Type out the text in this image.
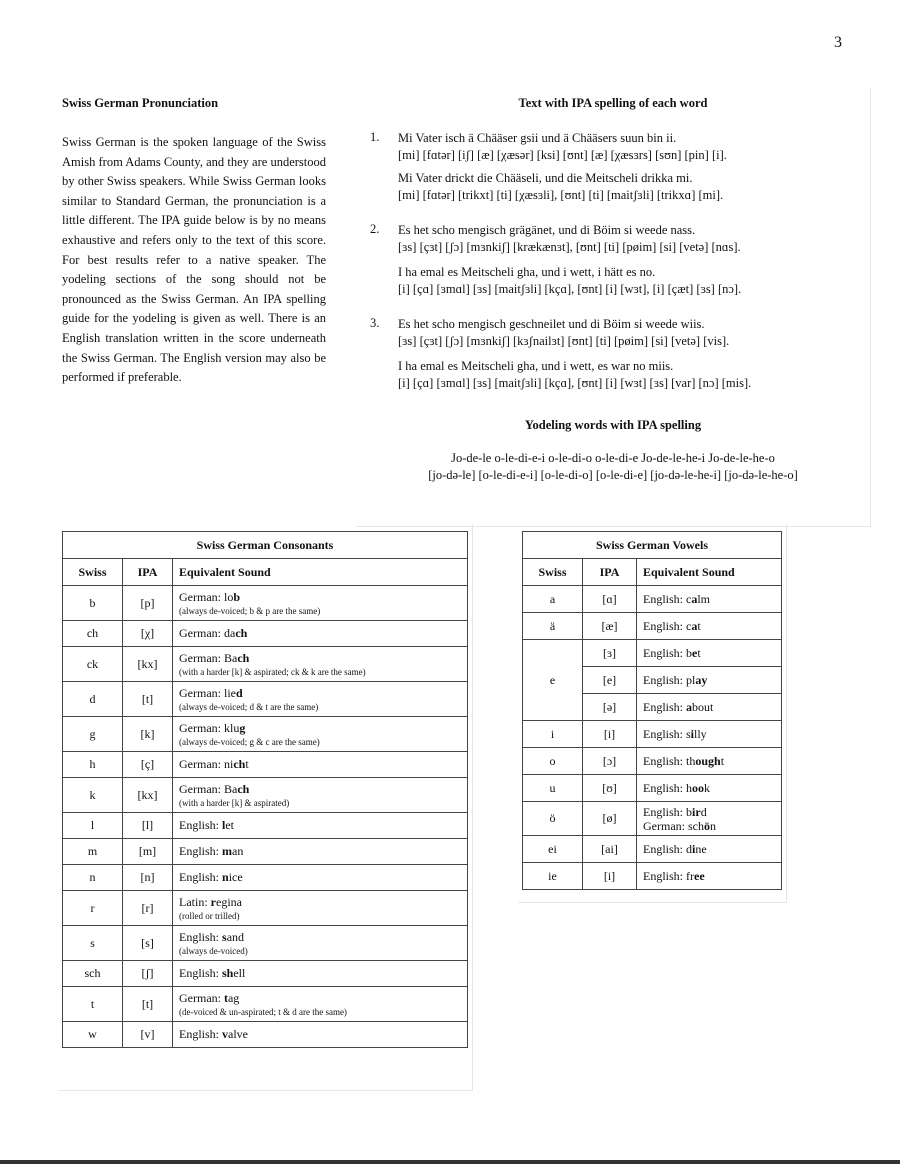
3

Swiss German Pronunciation

Swiss German is the spoken language of the Swiss Amish from Adams County, and they are understood by other Swiss speakers. While Swiss German looks similar to Standard German, the pronunciation is a little different. The IPA guide below is by no means exhaustive and refers only to the text of this score. For best results refer to a native speaker. The yodeling sections of the song should not be pronounced as the Swiss German. An IPA spelling guide for the yodeling is given as well. There is an English translation written in the score underneath the Swiss German. The English version may also be performed if preferable.

Text with IPA spelling of each word
1. Mi Vater isch ä Chääser gsii und ä Chääsers suun bin ii.
[mi] [fɑtər] [iʃ] [æ] [χæsər] [ksi] [ʊnt] [æ] [χæsɜrs] [sʊn] [pin] [i].
Mi Vater drickt die Chääseli, und die Meitscheli drikka mi.
[mi] [fɑtər] [trikxt] [ti] [χæsɜli], [ʊnt] [ti] [maitʃɜli] [trikxɑ] [mi].
2. Es het scho mengisch grägänet, und di Böim si weede nass.
[ɜs] [çɜt] [ʃɔ] [mɜnkiʃ] [krækænɜt], [ʊnt] [ti] [pøim] [si] [vetə] [nɑs].
I ha emal es Meitscheli gha, und i wett, i hätt es no.
[i] [çɑ] [ɜmɑl] [ɜs] [maitʃɜli] [kçɑ], [ʊnt] [i] [wɜt], [i] [çæt] [ɜs] [nɔ].
3. Es het scho mengisch geschneilet und di Böim si weede wiis.
[ɜs] [çɜt] [ʃɔ] [mɜnkiʃ] [kɜʃnailɜt] [ʊnt] [ti] [pøim] [si] [vetə] [vis].
I ha emal es Meitscheli gha, und i wett, es war no miis.
[i] [çɑ] [ɜmɑl] [ɜs] [maitʃɜli] [kçɑ], [ʊnt] [i] [wɜt] [ɜs] [var] [nɔ] [mis].
Yodeling words with IPA spelling
Jo-de-le o-le-di-e-i o-le-di-o o-le-di-e Jo-de-le-he-i Jo-de-le-he-o
[jo-də-le] [o-le-di-e-i] [o-le-di-o] [o-le-di-e] [jo-də-le-he-i] [jo-də-le-he-o]
Swiss German Consonants		
Swiss	IPA	Equivalent Sound
b	[p]	German: lob
(always de-voiced; b & p are the same)

ch	[χ]	German: dach
ck	[kx]	German: Bach
(with a harder [k] & aspirated; ck & k are the same)

d	[t]	German: lied
(always de-voiced; d & t are the same)

g	[k]	German: klug
(always de-voiced; g & c are the same)

h	[ç]	German: nicht
k	[kx]	German: Bach
(with a harder [k] & aspirated)

l	[l]	English: let
m	[m]	English: man
n	[n]	English: nice
r	[r]	Latin: regina
(rolled or trilled)

s	[s]	English: sand
(always de-voiced)

sch	[ʃ]	English: shell
t	[t]	German: tag
(de-voiced & un-aspirated; t & d are the same)

w	[v]	English: valve
Swiss German Vowels		
Swiss	IPA	Equivalent Sound
a	[ɑ]	English: calm
ä	[æ]	English: cat
e	[ɜ]	English: bet
	[e]	English: play
	[ə]	English: about
i	[i]	English: silly
o	[ɔ]	English: thought
u	[ʊ]	English: hook
ö	[ø]	English: bird
German: schön
ei	[ai]	English: dine
ie	[i]	English: free
